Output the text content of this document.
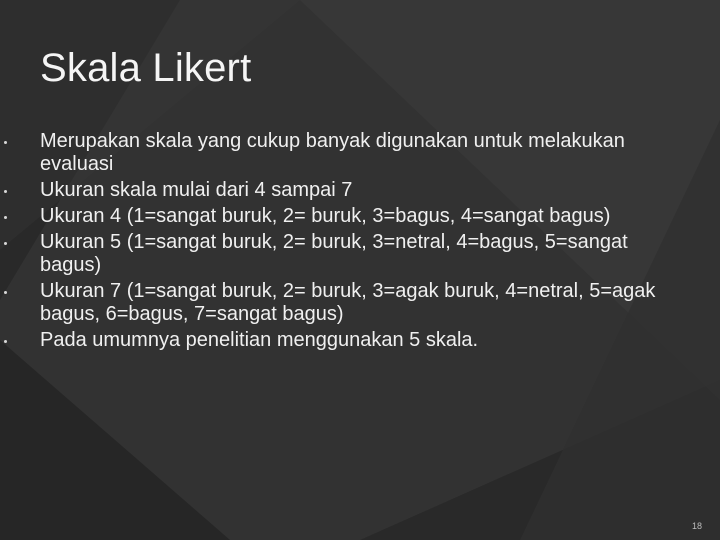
Skala Likert
Merupakan skala yang cukup banyak digunakan untuk melakukan evaluasi
Ukuran skala mulai dari 4 sampai 7
Ukuran 4 (1=sangat buruk, 2= buruk, 3=bagus, 4=sangat bagus)
Ukuran 5 (1=sangat buruk, 2= buruk, 3=netral, 4=bagus, 5=sangat bagus)
Ukuran 7 (1=sangat buruk, 2= buruk, 3=agak buruk, 4=netral, 5=agak bagus, 6=bagus, 7=sangat bagus)
Pada umumnya penelitian menggunakan 5 skala.
18
